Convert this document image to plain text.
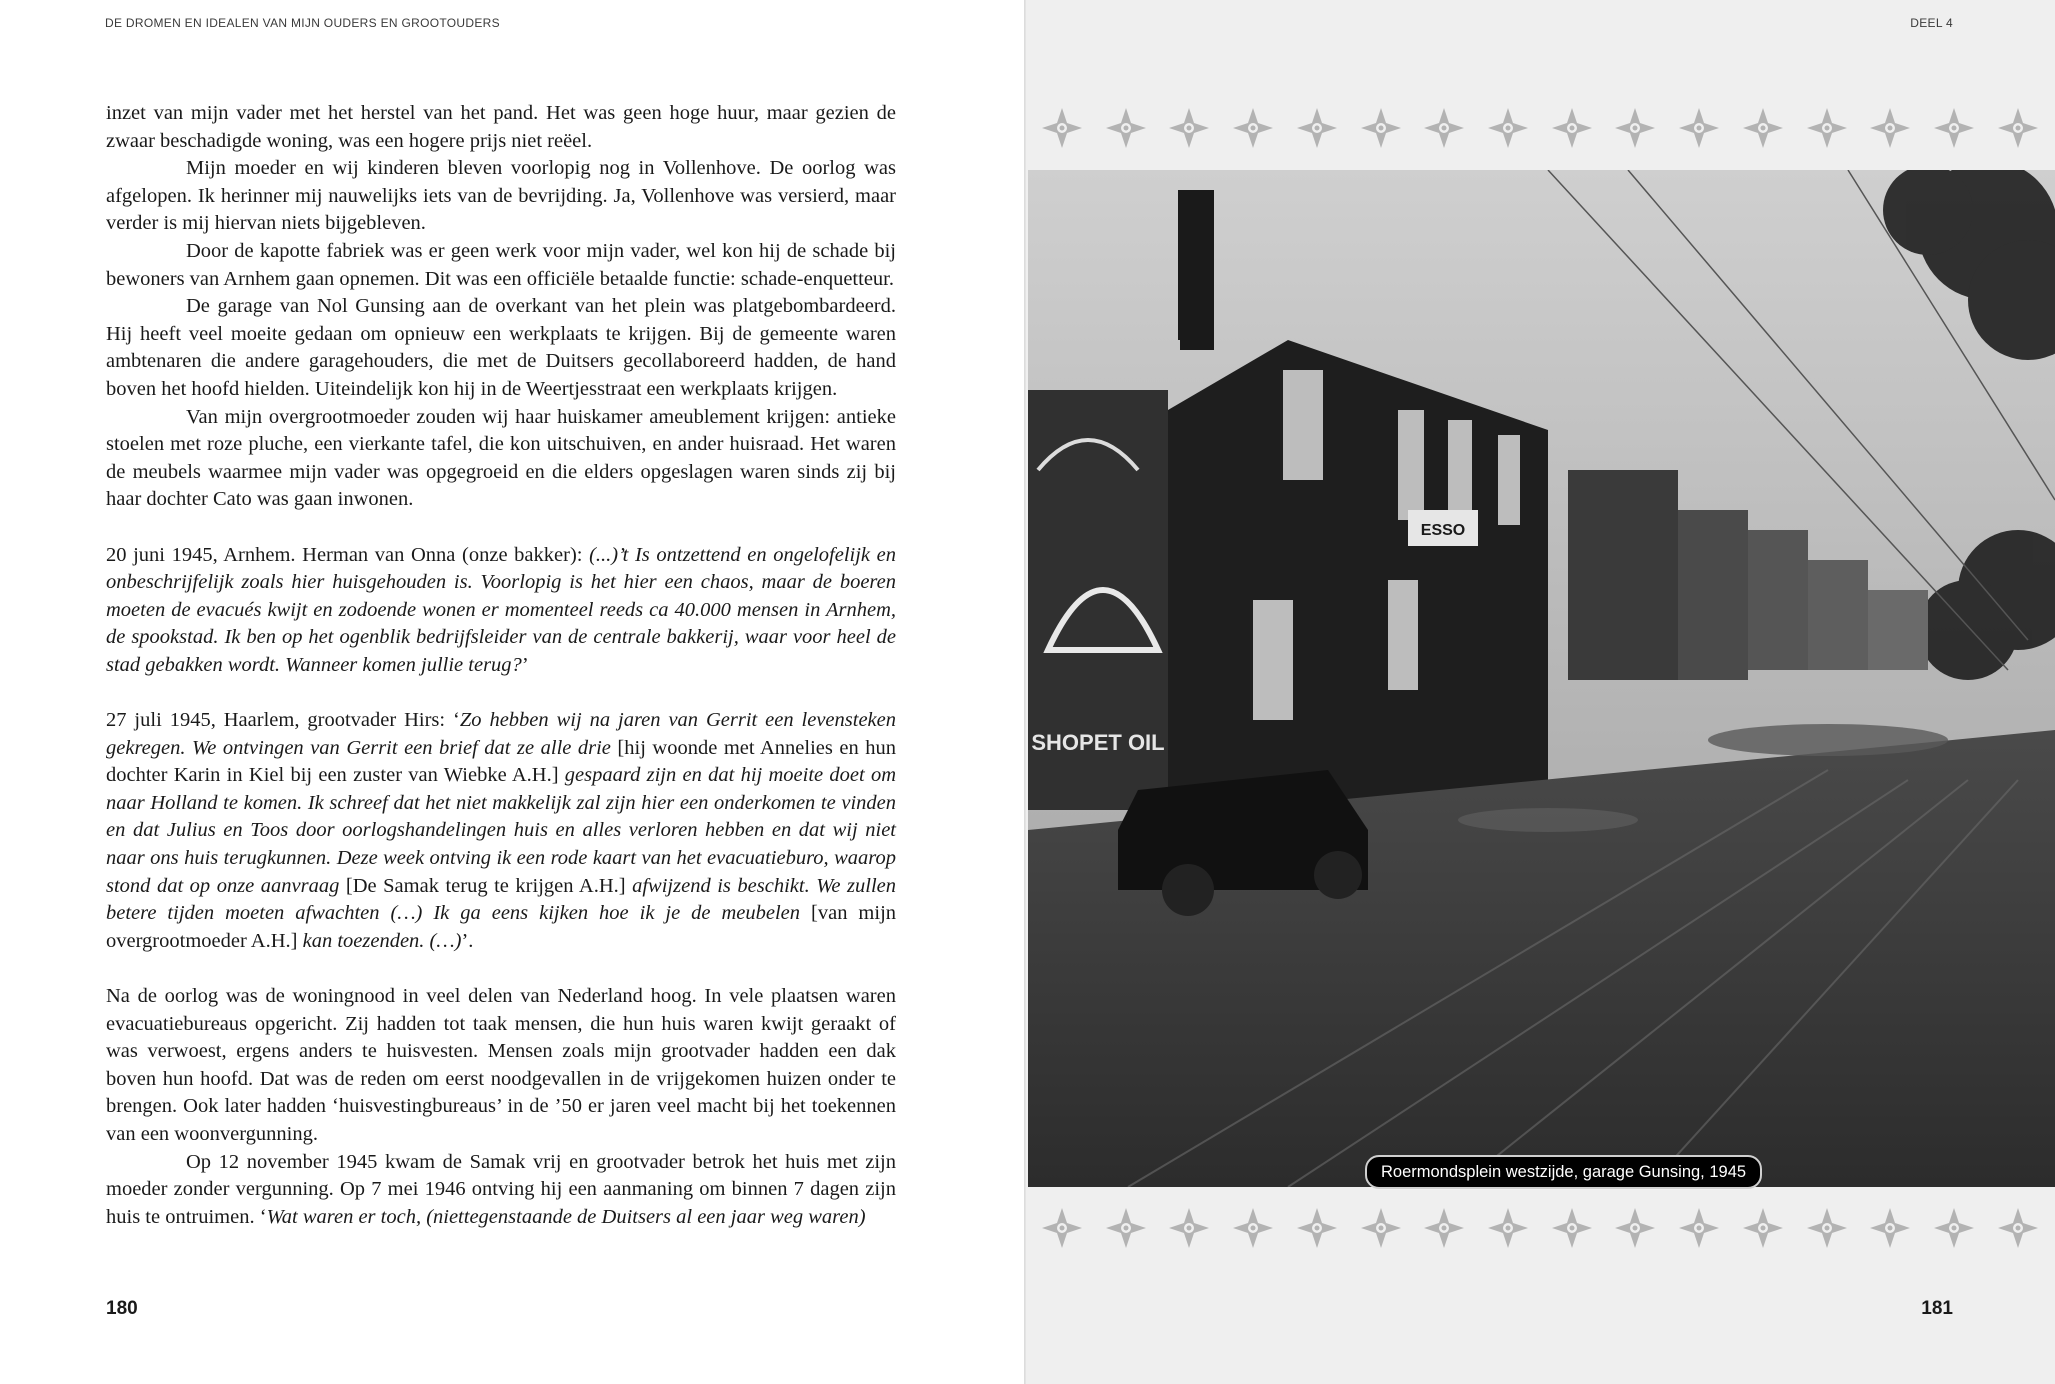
DE DROMEN EN IDEALEN VAN MIJN OUDERS EN GROOTOUDERS

inzet van mijn vader met het herstel van het pand. Het was geen hoge huur, maar gezien de zwaar beschadigde woning, was een hogere prijs niet reëel.

Mijn moeder en wij kinderen bleven voorlopig nog in Vollenhove. De oorlog was afgelopen. Ik herinner mij nauwelijks iets van de bevrijding. Ja, Vollenhove was versierd, maar verder is mij hiervan niets bijgebleven.

Door de kapotte fabriek was er geen werk voor mijn vader, wel kon hij de schade bij bewoners van Arnhem gaan opnemen. Dit was een officiële betaalde functie: schade-enquetteur.

De garage van Nol Gunsing aan de overkant van het plein was platgebombardeerd. Hij heeft veel moeite gedaan om opnieuw een werkplaats te krijgen. Bij de gemeente waren ambtenaren die andere garagehouders, die met de Duitsers gecollaboreerd hadden, de hand boven het hoofd hielden. Uiteindelijk kon hij in de Weertjesstraat een werkplaats krijgen.

Van mijn overgrootmoeder zouden wij haar huiskamer ameublement krijgen: antieke stoelen met roze pluche, een vierkante tafel, die kon uitschuiven, en ander huisraad. Het waren de meubels waarmee mijn vader was opgegroeid en die elders opgeslagen waren sinds zij bij haar dochter Cato was gaan inwonen.

20 juni 1945, Arnhem. Herman van Onna (onze bakker): (...)’t Is ontzettend en ongelofelijk en onbeschrijfelijk zoals hier huisgehouden is. Voorlopig is het hier een chaos, maar de boeren moeten de evacués kwijt en zodoende wonen er momenteel reeds ca 40.000 mensen in Arnhem, de spookstad. Ik ben op het ogenblik bedrijfsleider van de centrale bakkerij, waar voor heel de stad gebakken wordt. Wanneer komen jullie terug?’

27 juli 1945, Haarlem, grootvader Hirs: ‘Zo hebben wij na jaren van Gerrit een levensteken gekregen. We ontvingen van Gerrit een brief dat ze alle drie [hij woonde met Annelies en hun dochter Karin in Kiel bij een zuster van Wiebke A.H.] gespaard zijn en dat hij moeite doet om naar Holland te komen. Ik schreef dat het niet makkelijk zal zijn hier een onderkomen te vinden en dat Julius en Toos door oorlogshandelingen huis en alles verloren hebben en dat wij niet naar ons huis terugkunnen. Deze week ontving ik een rode kaart van het evacuatieburo, waarop stond dat op onze aanvraag [De Samak terug te krijgen A.H.] afwijzend is beschikt. We zullen betere tijden moeten afwachten (…) Ik ga eens kijken hoe ik je de meubelen [van mijn overgrootmoeder A.H.] kan toezenden. (…)’.

Na de oorlog was de woningnood in veel delen van Nederland hoog. In vele plaatsen waren evacuatiebureaus opgericht. Zij hadden tot taak mensen, die hun huis waren kwijt geraakt of was verwoest, ergens anders te huisvesten. Mensen zoals mijn grootvader hadden een dak boven hun hoofd. Dat was de reden om eerst noodgevallen in de vrijgekomen huizen onder te brengen. Ook later hadden ‘huisvestingbureaus’ in de ’50 er jaren veel macht bij het toekennen van een woonvergunning.

Op 12 november 1945 kwam de Samak vrij en grootvader betrok het huis met zijn moeder zonder vergunning. Op 7 mei 1946 ontving hij een aanmaning om binnen 7 dagen zijn huis te ontruimen. ‘Wat waren er toch, (niettegenstaande de Duitsers al een jaar weg waren)

180
DEEL 4
181
ESSO
SHOPET OIL
Roermondsplein westzijde, garage Gunsing, 1945
